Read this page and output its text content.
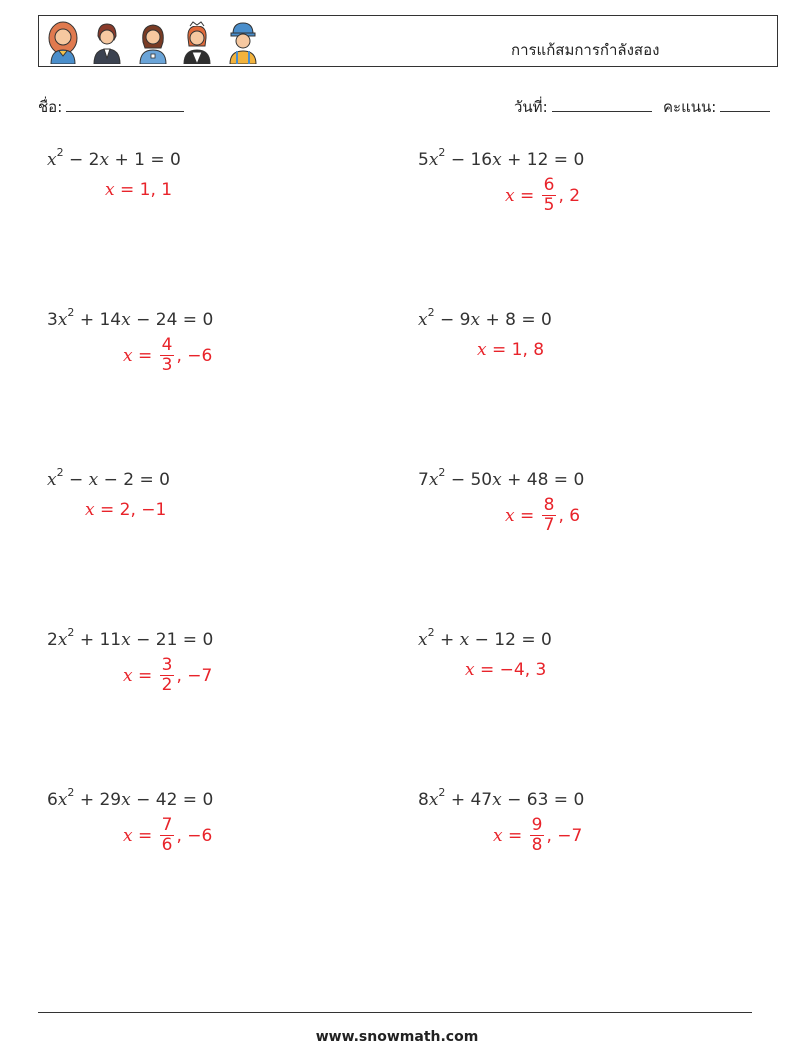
การแก้สมการกำลังสอง
ชื่อ:	วันที่:	คะแนน:
$x^2 - 2x + 1 = 0$
x = 1 , 1
$5x^2 - 16x + 12 = 0$
$x = \frac{6}{5}$ , 2
$3x^2 + 14x - 24 = 0$
$x = \frac{4}{3}$ , −6
$x^2 - 9x + 8 = 0$
x = 1 , 8
$x^2 - x - 2 = 0$
x = 2 , −1
$7x^2 - 50x + 48 = 0$
$x = \frac{8}{7}$ , 6
$2x^2 + 11x - 21 = 0$
$x = \frac{3}{2}$ , −7
$x^2 + x - 12 = 0$
x = −4 , 3
$6x^2 + 29x - 42 = 0$
$x = \frac{7}{6}$ , −6
$8x^2 + 47x - 63 = 0$
$x = \frac{9}{8}$ , −7
www.snowmath.com
